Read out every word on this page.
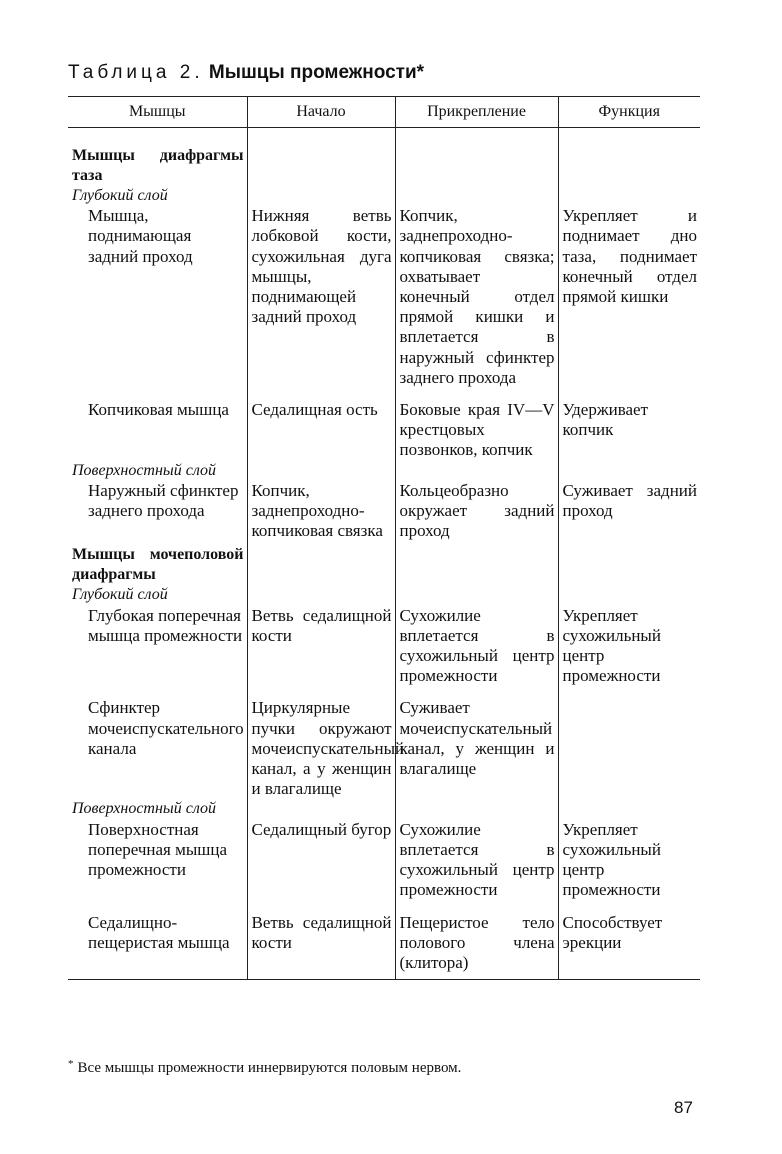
Таблица 2. Мышцы промежности*
Мышцы	Начало	Прикрепление	Функция

Мышцы диафрагмы таза			
Глубокий слой			
Мышца, поднимающая задний проход	Нижняя ветвь лобковой кости, сухожильная дуга мышцы, поднимающей задний проход	Копчик, заднепроходно-копчиковая связка; охватывает конечный отдел прямой кишки и вплетается в наружный сфинктер заднего прохода	Укрепляет и поднимает дно таза, поднимает конечный отдел прямой кишки

Копчиковая мышца	Седалищная ость	Боковые края IV—V крестцовых позвонков, копчик	Удерживает копчик
Поверхностный слой			
Наружный сфинктер заднего прохода	Копчик, заднепроходно-копчиковая связка	Кольцеобразно окружает задний проход	Суживает задний проход
Мышцы мочеполовой диафрагмы			
Глубокий слой			
Глубокая поперечная мышца промежности	Ветвь седалищной кости	Сухожилие вплетается в сухожильный центр промежности	Укрепляет сухожильный центр промежности

Сфинктер мочеиспускательного канала	Циркулярные пучки окружают мочеиспускательный канал, а у женщин и влагалище	Суживает мочеиспускательный канал, у женщин и влагалище	
Поверхностный слой			
Поверхностная поперечная мышца промежности	Седалищный бугор	Сухожилие вплетается в сухожильный центр промежности	Укрепляет сухожильный центр промежности

Седалищно-пещеристая мышца	Ветвь седалищной кости	Пещеристое тело полового члена (клитора)	Способствует эрекции
* Все мышцы промежности иннервируются половым нервом.
87
